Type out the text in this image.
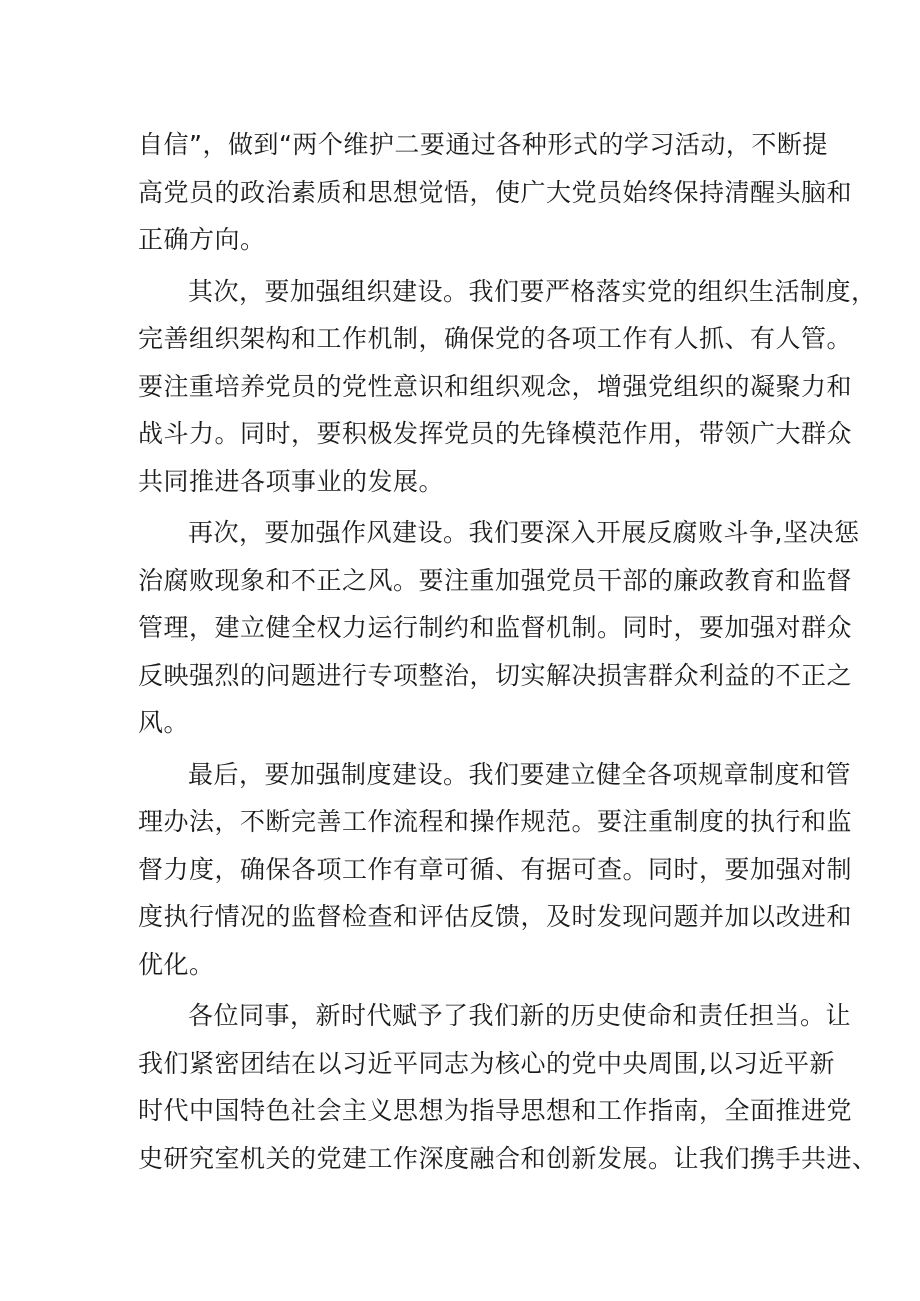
自信”，做到“两个维护二要通过各种形式的学习活动，不断提
高党员的政治素质和思想觉悟，使广大党员始终保持清醒头脑和
正确方向。
其次，要加强组织建设。我们要严格落实党的组织生活制度，
完善组织架构和工作机制，确保党的各项工作有人抓、有人管。
要注重培养党员的党性意识和组织观念，增强党组织的凝聚力和
战斗力。同时，要积极发挥党员的先锋模范作用，带领广大群众
共同推进各项事业的发展。
再次，要加强作风建设。我们要深入开展反腐败斗争,坚决惩
治腐败现象和不正之风。要注重加强党员干部的廉政教育和监督
管理，建立健全权力运行制约和监督机制。同时，要加强对群众
反映强烈的问题进行专项整治，切实解决损害群众利益的不正之
风。
最后，要加强制度建设。我们要建立健全各项规章制度和管
理办法，不断完善工作流程和操作规范。要注重制度的执行和监
督力度，确保各项工作有章可循、有据可查。同时，要加强对制
度执行情况的监督检查和评估反馈，及时发现问题并加以改进和
优化。
各位同事，新时代赋予了我们新的历史使命和责任担当。让
我们紧密团结在以习近平同志为核心的党中央周围,以习近平新
时代中国特色社会主义思想为指导思想和工作指南，全面推进党
史研究室机关的党建工作深度融合和创新发展。让我们携手共进、
